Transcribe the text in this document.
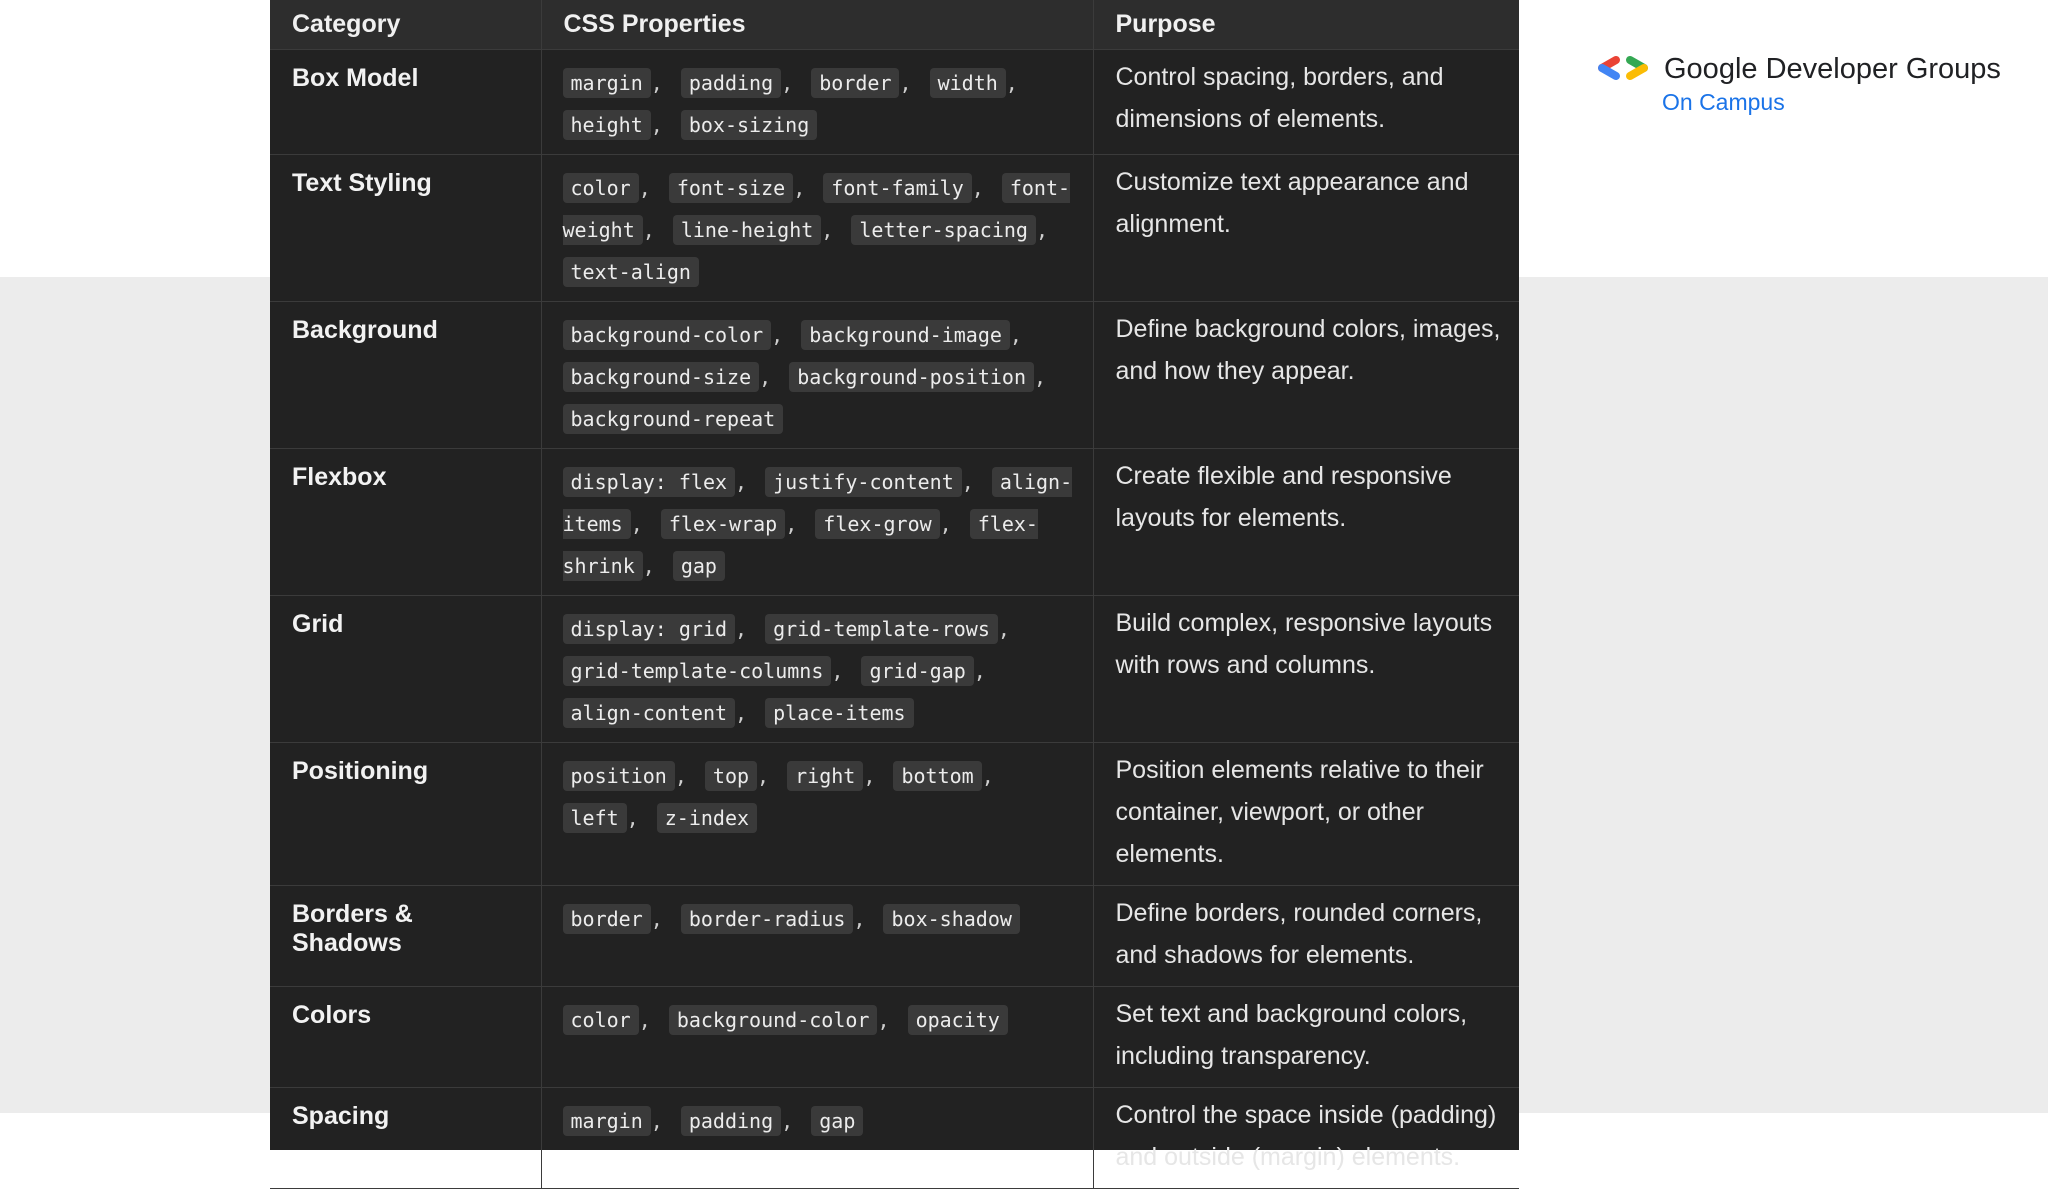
Category	CSS Properties	Purpose
Box Model	margin , padding , border , width , height , box-sizing	Control spacing, borders, and dimensions of elements.
Text Styling	color , font-size , font-family , font-weight , line-height , letter-spacing , text-align	Customize text appearance and alignment.
Background	background-color , background-image , background-size , background-position , background-repeat	Define background colors, images, and how they appear.
Flexbox	display: flex , justify-content , align-items , flex-wrap , flex-grow , flex-shrink , gap	Create flexible and responsive layouts for elements.
Grid	display: grid , grid-template-rows , grid-template-columns , grid-gap , align-content , place-items	Build complex, responsive layouts with rows and columns.
Positioning	position , top , right , bottom , left , z-index	Position elements relative to their container, viewport, or other elements.
Borders & Shadows	border , border-radius , box-shadow	Define borders, rounded corners, and shadows for elements.
Colors	color , background-color , opacity	Set text and background colors, including transparency.
Spacing	margin , padding , gap	Control the space inside (padding) and outside (margin) elements.
Google Developer Groups
On Campus
